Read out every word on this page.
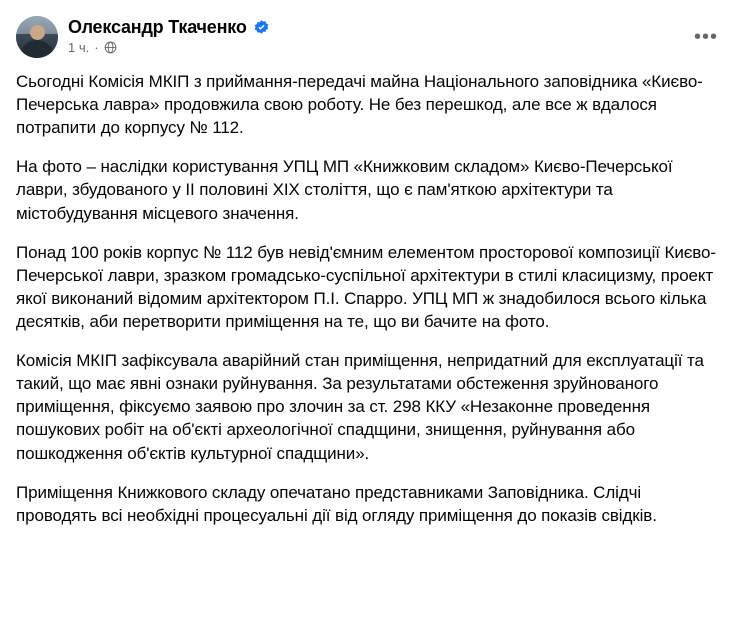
Олександр Ткаченко
1 ч. ·	•••

Сьогодні Комісія МКІП з приймання-передачі майна Національного заповідника «Києво-Печерська лавра» продовжила свою роботу. Не без перешкод, але все ж вдалося потрапити до корпусу № 112.

На фото – наслідки користування УПЦ МП «Книжковим складом» Києво-Печерської лаври, збудованого у ІІ половині ХІХ століття, що є пам'яткою архітектури та містобудування місцевого значення.

Понад 100 років корпус № 112 був невід'ємним елементом просторової композиції Києво-Печерської лаври, зразком громадсько-суспільної архітектури в стилі класицизму, проект якої виконаний відомим архітектором П.І. Спарро. УПЦ МП ж знадобилося всього кілька десятків, аби перетворити приміщення на те, що ви бачите на фото.

Комісія МКІП зафіксувала аварійний стан приміщення, непридатний для експлуатації та такий, що має явні ознаки руйнування. За результатами обстеження зруйнованого приміщення, фіксуємо заявою про злочин за ст. 298 ККУ «Незаконне проведення пошукових робіт на об'єкті археологічної спадщини, знищення, руйнування або пошкодження об'єктів культурної спадщини».

Приміщення Книжкового складу опечатано представниками Заповідника. Слідчі проводять всі необхідні процесуальні дії від огляду приміщення до показів свідків.
